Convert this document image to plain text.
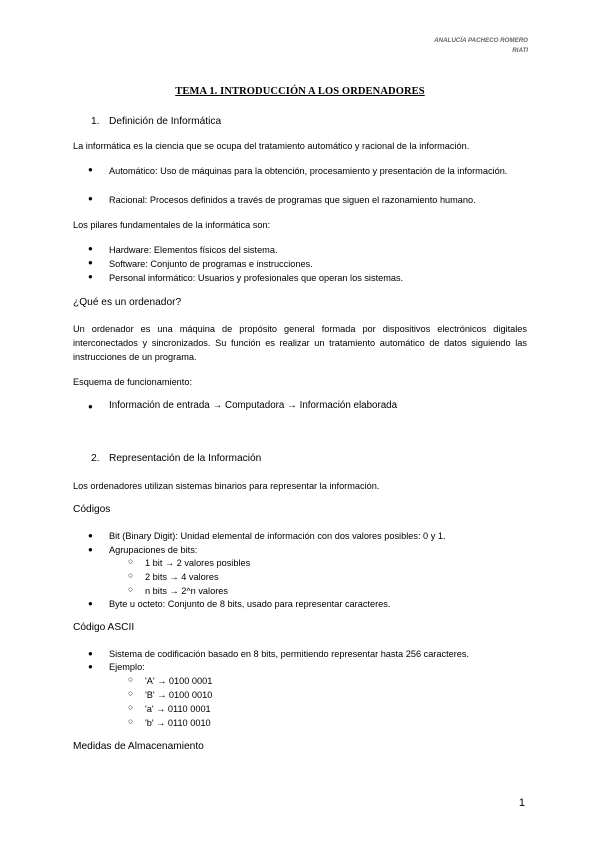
ANALUCÍA PACHECO ROMERO
RIATI
TEMA 1. INTRODUCCIÓN A LOS ORDENADORES
1. Definición de Informática
La informática es la ciencia que se ocupa del tratamiento automático y racional de la información.
● Automático: Uso de máquinas para la obtención, procesamiento y presentación de la información.
● Racional: Procesos definidos a través de programas que siguen el razonamiento humano.
Los pilares fundamentales de la informática son:
● Hardware: Elementos físicos del sistema.
● Software: Conjunto de programas e instrucciones.
● Personal informático: Usuarios y profesionales que operan los sistemas.
¿Qué es un ordenador?
Un ordenador es una máquina de propósito general formada por dispositivos electrónicos digitales interconectados y sincronizados. Su función es realizar un tratamiento automático de datos siguiendo las instrucciones de un programa.
Esquema de funcionamiento:
● Información de entrada → Computadora → Información elaborada
2. Representación de la Información
Los ordenadores utilizan sistemas binarios para representar la información.
Códigos
● Bit (Binary Digit): Unidad elemental de información con dos valores posibles: 0 y 1.
● Agrupaciones de bits:
○ 1 bit → 2 valores posibles
○ 2 bits → 4 valores
○ n bits → 2^n valores
● Byte u octeto: Conjunto de 8 bits, usado para representar caracteres.
Código ASCII
● Sistema de codificación basado en 8 bits, permitiendo representar hasta 256 caracteres.
● Ejemplo:
○ 'A' → 0100 0001
○ 'B' → 0100 0010
○ 'a' → 0110 0001
○ 'b' → 0110 0010
Medidas de Almacenamiento
1
